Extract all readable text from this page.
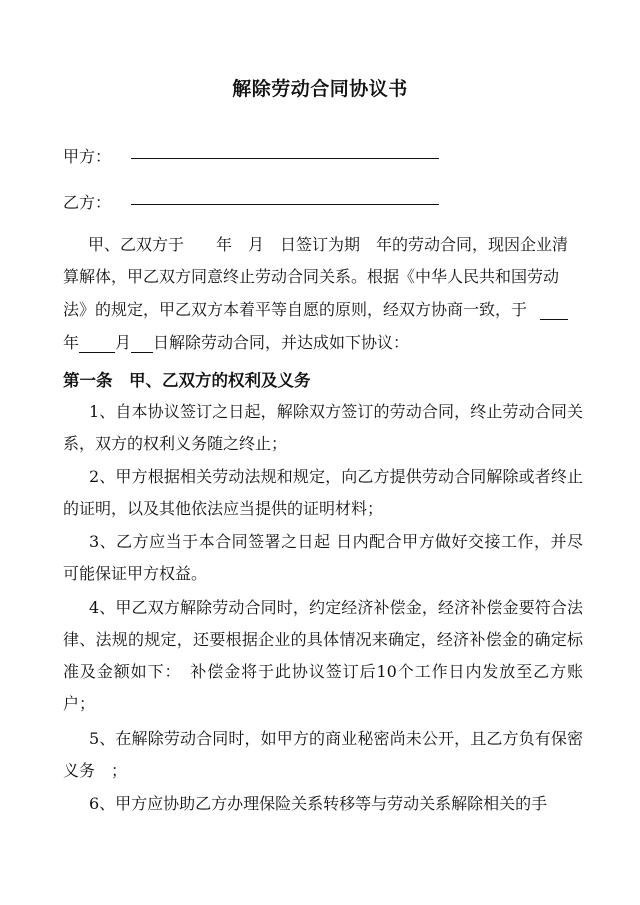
解除劳动合同协议书
甲方：
乙方：
甲、乙双方于　　年　月　日签订为期　年的劳动合同，现因企业清
算解体，甲乙双方同意终止劳动合同关系。根据《中华人民共和国劳动
法》的规定，甲乙双方本着平等自愿的原则，经双方协商一致，于
年 月 日解除劳动合同，并达成如下协议：
第一条　甲、乙双方的权利及义务
1、自本协议签订之日起，解除双方签订的劳动合同，终止劳动合同关系，双方的权利义务随之终止；
2、甲方根据相关劳动法规和规定，向乙方提供劳动合同解除或者终止的证明，以及其他依法应当提供的证明材料；
3、乙方应当于本合同签署之日起 日内配合甲方做好交接工作，并尽可能保证甲方权益。
4、甲乙双方解除劳动合同时，约定经济补偿金，经济补偿金要符合法律、法规的规定，还要根据企业的具体情况来确定，经济补偿金的确定标准及金额如下：　补偿金将于此协议签订后10个工作日内发放至乙方账户；
5、在解除劳动合同时，如甲方的商业秘密尚未公开，且乙方负有保密义务　；
6、甲方应协助乙方办理保险关系转移等与劳动关系解除相关的手
